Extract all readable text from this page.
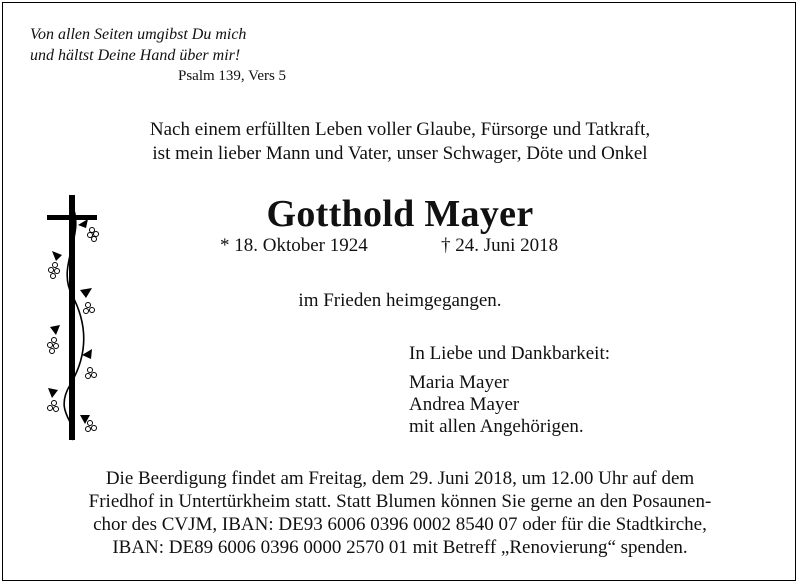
Von allen Seiten umgibst Du mich
und hältst Deine Hand über mir!
Psalm 139, Vers 5
Nach einem erfüllten Leben voller Glaube, Fürsorge und Tatkraft,
ist mein lieber Mann und Vater, unser Schwager, Döte und Onkel
Gotthold Mayer
* 18. Oktober 1924	† 24. Juni 2018
im Frieden heimgegangen.
In Liebe und Dankbarkeit:
Maria Mayer
Andrea Mayer
mit allen Angehörigen.
Die Beerdigung findet am Freitag, dem 29. Juni 2018, um 12.00 Uhr auf dem
Friedhof in Untertürkheim statt. Statt Blumen können Sie gerne an den Posaunen-
chor des CVJM, IBAN: DE93 6006 0396 0002 8540 07 oder für die Stadtkirche,
IBAN: DE89 6006 0396 0000 2570 01 mit Betreff „Renovierung“ spenden.
